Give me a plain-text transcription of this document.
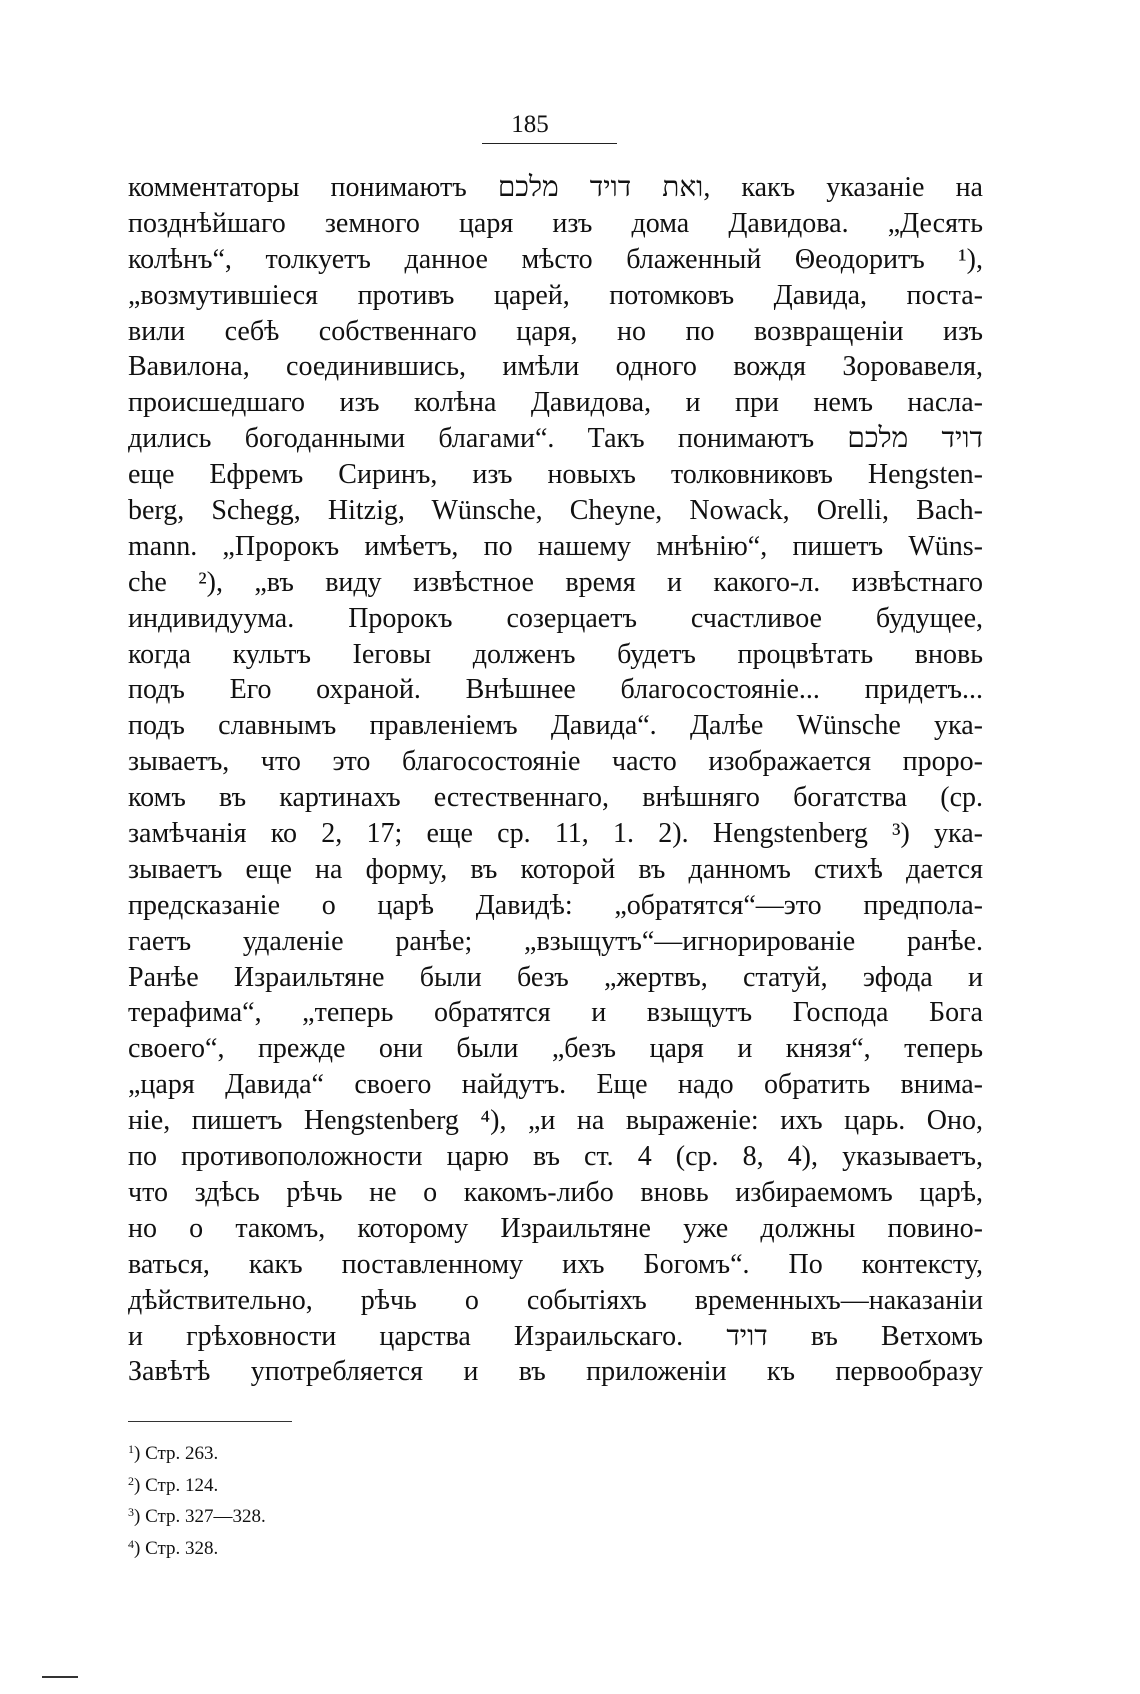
185
комментаторы понимаютъ ואת דויד מלכם, какъ указаніе на
позднѣйшаго земного царя изъ дома Давидова. „Десять
колѣнъ“, толкуетъ данное мѣсто блаженный Θеодоритъ ¹),
„возмутившіеся противъ царей, потомковъ Давида, поста-
вили себѣ собственнаго царя, но по возвращеніи изъ
Вавилона, соединившись, имѣли одного вождя Зоровавеля,
происшедшаго изъ колѣна Давидова, и при немъ насла-
дились богоданными благами“. Такъ понимаютъ דויד מלכם
еще Ефремъ Сиринъ, изъ новыхъ толковниковъ Hengsten-
berg, Schegg, Hitzig, Wünsche, Cheyne, Nowack, Orelli, Bach-
mann. „Пророкъ имѣетъ, по нашему мнѣнію“, пишетъ Wüns-
che ²), „въ виду извѣстное время и какого-л. извѣстнаго
индивидуума. Пророкъ созерцаетъ счастливое будущее,
когда культъ Іеговы долженъ будетъ процвѣтать вновь
подъ Его охраной. Внѣшнее благосостояніе... придетъ...
подъ славнымъ правленіемъ Давида“. Далѣе Wünsche ука-
зываетъ, что это благосостояніе часто изображается проро-
комъ въ картинахъ естественнаго, внѣшняго богатства (ср.
замѣчанія ко 2, 17; еще ср. 11, 1. 2). Hengstenberg ³) ука-
зываетъ еще на форму, въ которой въ данномъ стихѣ дается
предсказаніе о царѣ Давидѣ: „обратятся“—это предпола-
гаетъ удаленіе ранѣе; „взыщутъ“—игнорированіе ранѣе.
Ранѣе Израильтяне были безъ „жертвъ, статуй, эфода и
терафима“, „теперь обратятся и взыщутъ Господа Бога
своего“, прежде они были „безъ царя и князя“, теперь
„царя Давида“ своего найдутъ. Еще надо обратить внима-
ніе, пишетъ Hengstenberg ⁴), „и на выраженіе: ихъ царь. Оно,
по противоположности царю въ ст. 4 (ср. 8, 4), указываетъ,
что здѣсь рѣчь не о какомъ-либо вновь избираемомъ царѣ,
но о такомъ, которому Израильтяне уже должны повино-
ваться, какъ поставленному ихъ Богомъ“. По контексту,
дѣйствительно, рѣчь о событіяхъ временныхъ—наказаніи
и грѣховности царства Израильскаго. דויד въ Ветхомъ
Завѣтѣ употребляется и въ приложеніи къ первообразу
$^1$) Стр. 263.
$^2$) Стр. 124.
$^3$) Стр. 327—328.
$^4$) Стр. 328.
